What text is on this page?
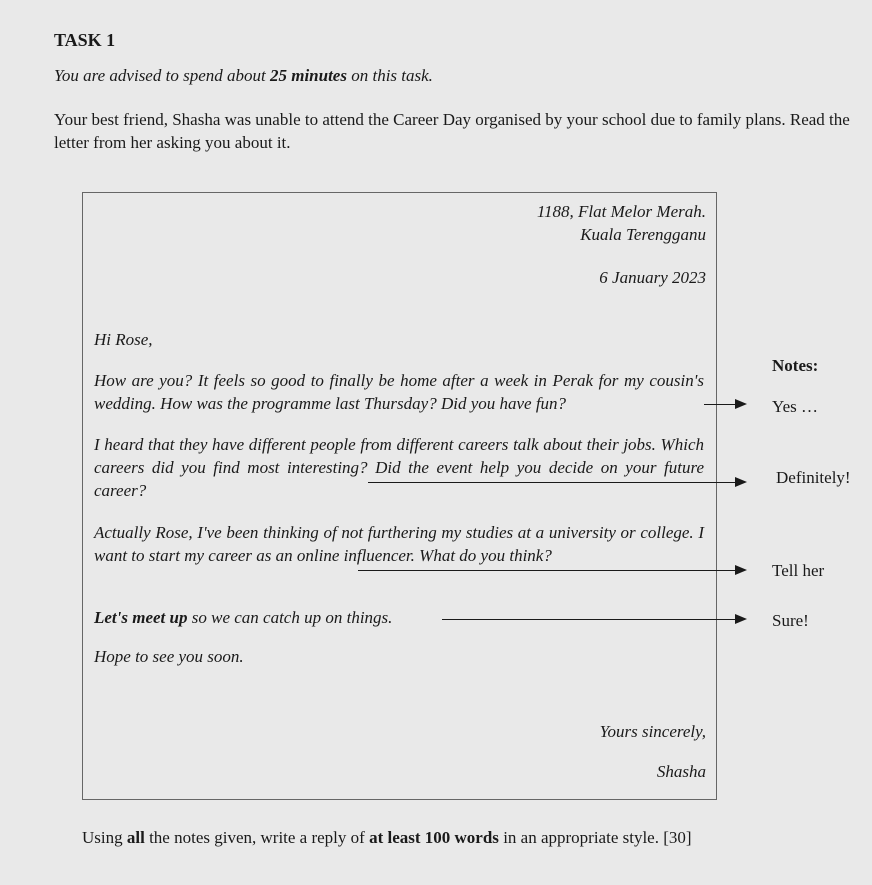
TASK 1
You are advised to spend about 25 minutes on this task.
Your best friend, Shasha was unable to attend the Career Day organised by your school due to family plans. Read the letter from her asking you about it.
1188, Flat Melor Merah.
Kuala Terengganu
6 January 2023
Hi Rose,
How are you? It feels so good to finally be home after a week in Perak for my cousin's wedding. How was the programme last Thursday? Did you have fun?
I heard that they have different people from different careers talk about their jobs. Which careers did you find most interesting? Did the event help you decide on your future career?
Actually Rose, I've been thinking of not furthering my studies at a university or college. I want to start my career as an online influencer. What do you think?
Let's meet up so we can catch up on things.
Hope to see you soon.
Yours sincerely,
Shasha
Notes:
Yes …
Definitely!
Tell her
Sure!
Using all the notes given, write a reply of at least 100 words in an appropriate style. [30]
